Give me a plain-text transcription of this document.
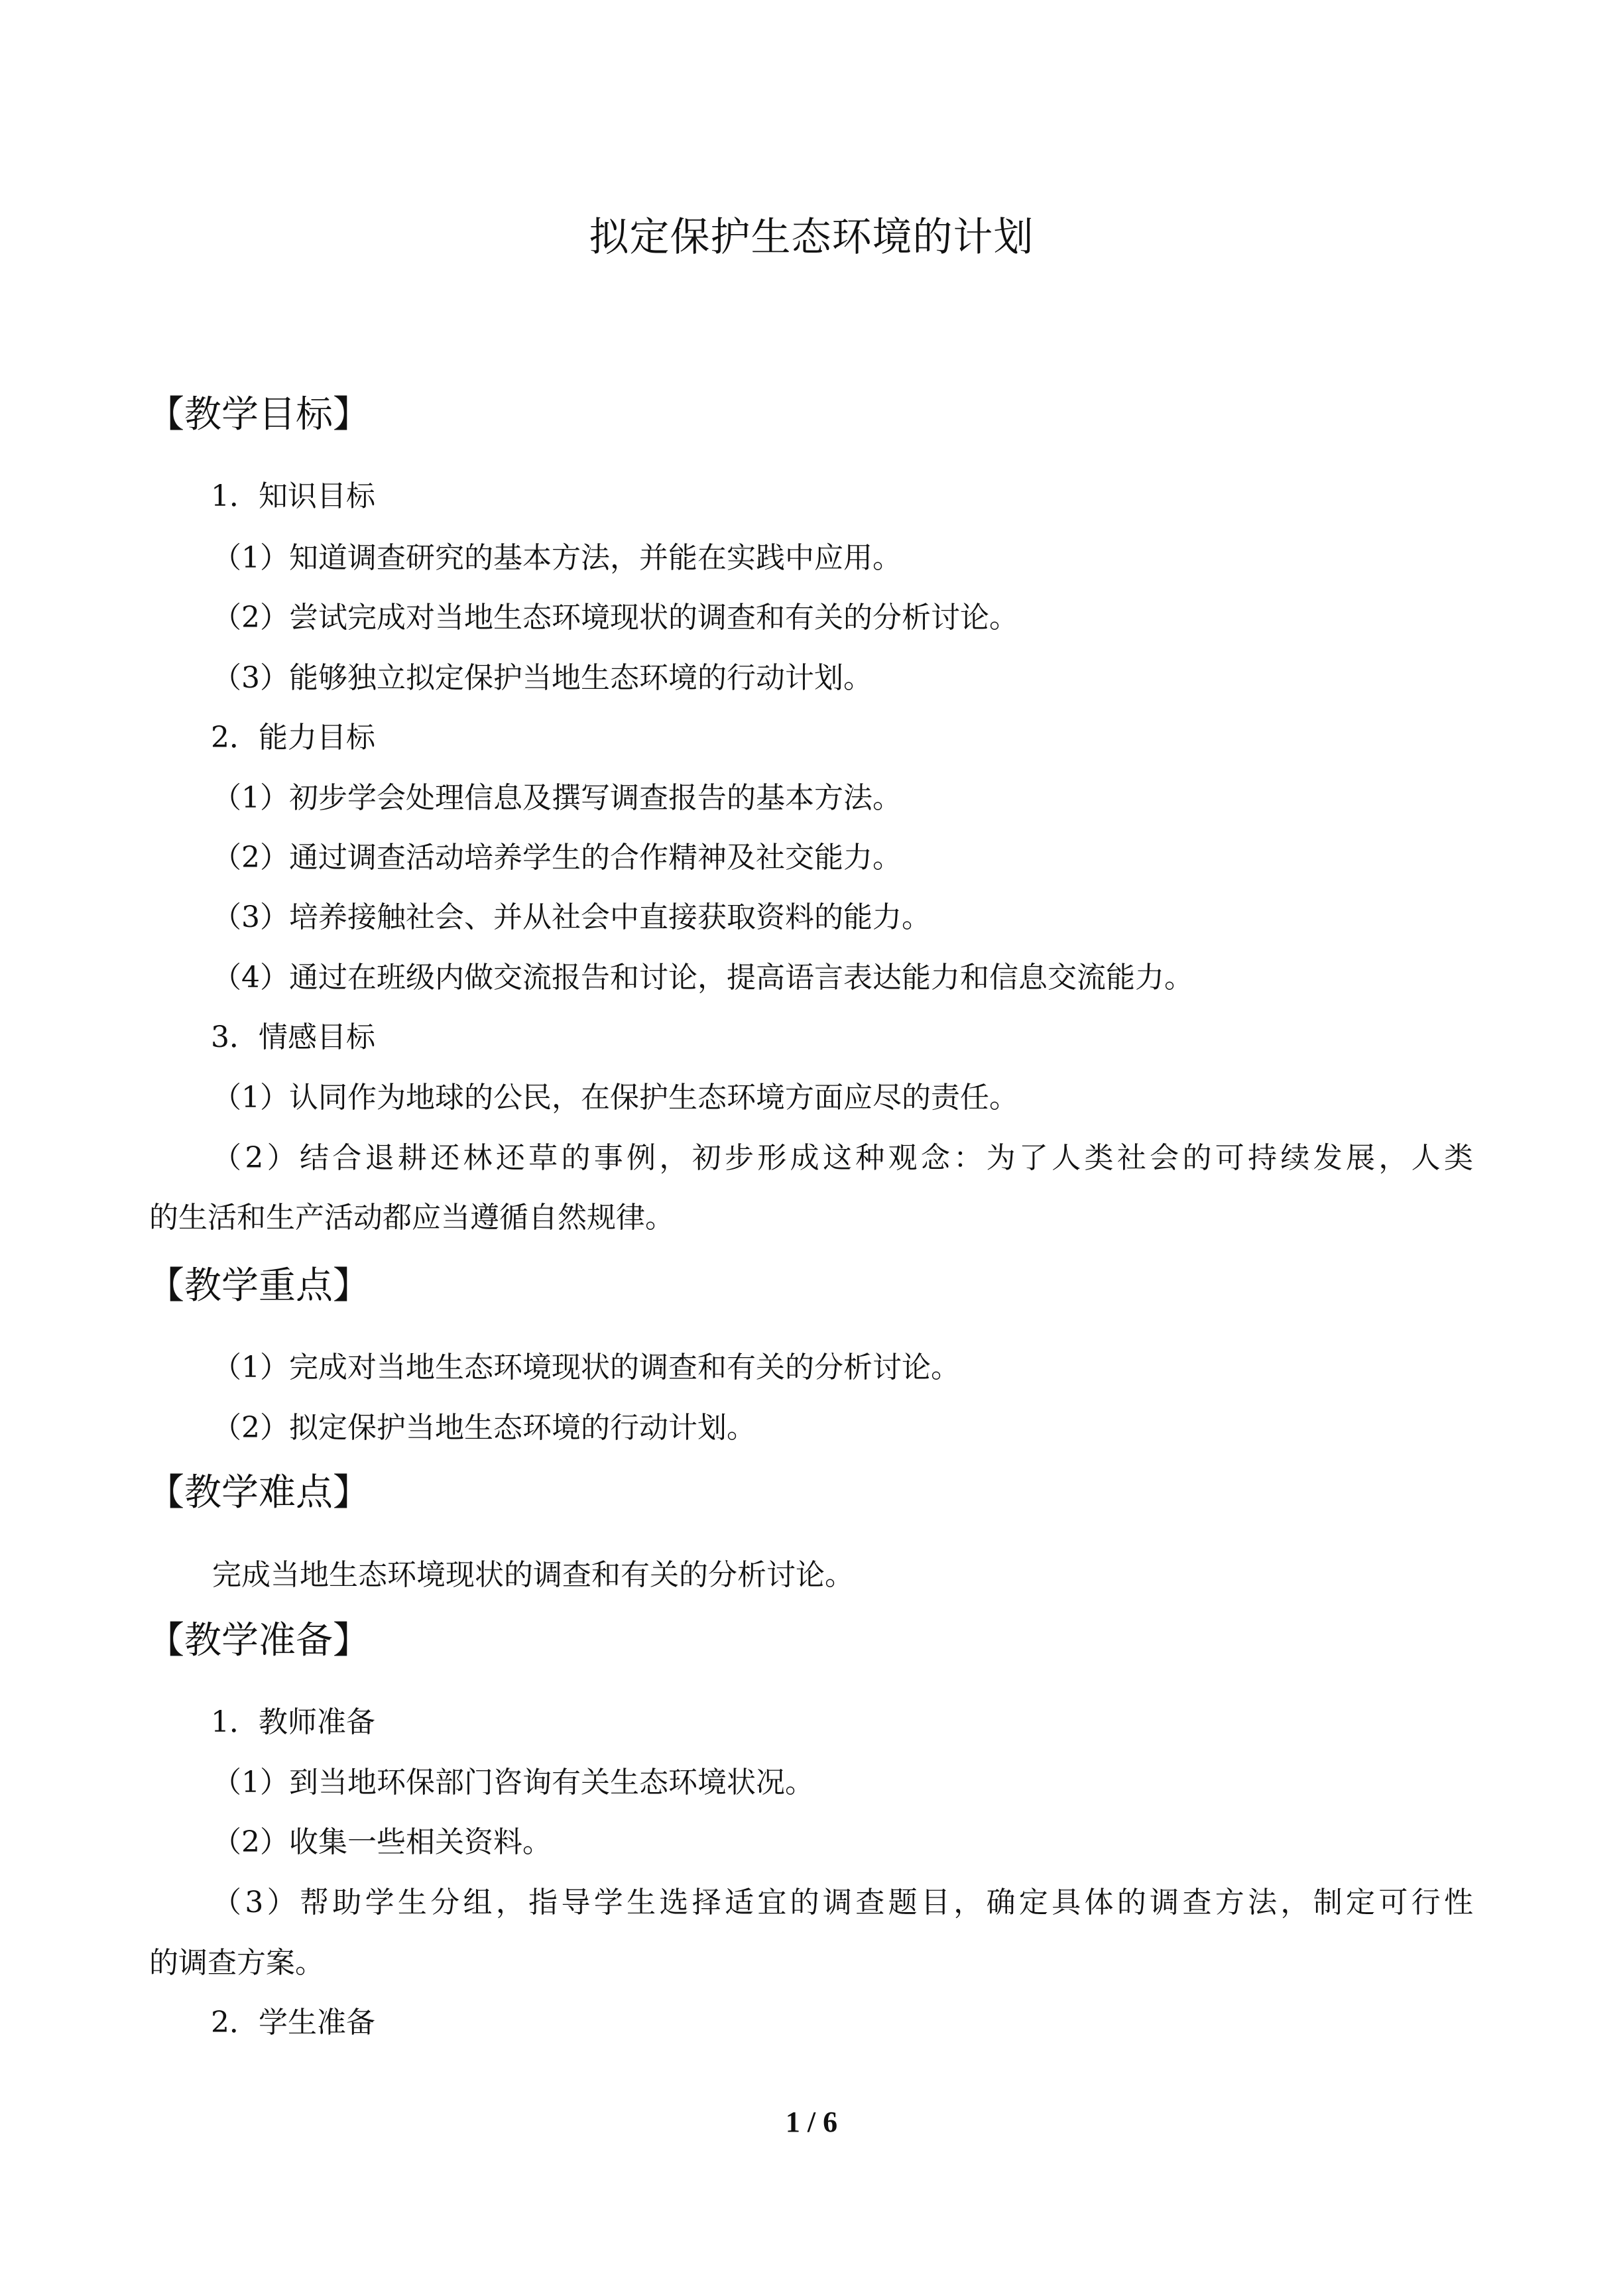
拟定保护生态环境的计划
【教学目标】
1．知识目标
（1）知道调查研究的基本方法，并能在实践中应用。
（2）尝试完成对当地生态环境现状的调查和有关的分析讨论。
（3）能够独立拟定保护当地生态环境的行动计划。
2．能力目标
（1）初步学会处理信息及撰写调查报告的基本方法。
（2）通过调查活动培养学生的合作精神及社交能力。
（3）培养接触社会、并从社会中直接获取资料的能力。
（4）通过在班级内做交流报告和讨论，提高语言表达能力和信息交流能力。
3．情感目标
（1）认同作为地球的公民，在保护生态环境方面应尽的责任。
（2）结合退耕还林还草的事例，初步形成这种观念：为了人类社会的可持续发展，人类
的生活和生产活动都应当遵循自然规律。
【教学重点】
（1）完成对当地生态环境现状的调查和有关的分析讨论。
（2）拟定保护当地生态环境的行动计划。
【教学难点】
完成当地生态环境现状的调查和有关的分析讨论。
【教学准备】
1．教师准备
（1）到当地环保部门咨询有关生态环境状况。
（2）收集一些相关资料。
（3）帮助学生分组，指导学生选择适宜的调查题目，确定具体的调查方法，制定可行性
的调查方案。
2．学生准备
1 / 6
